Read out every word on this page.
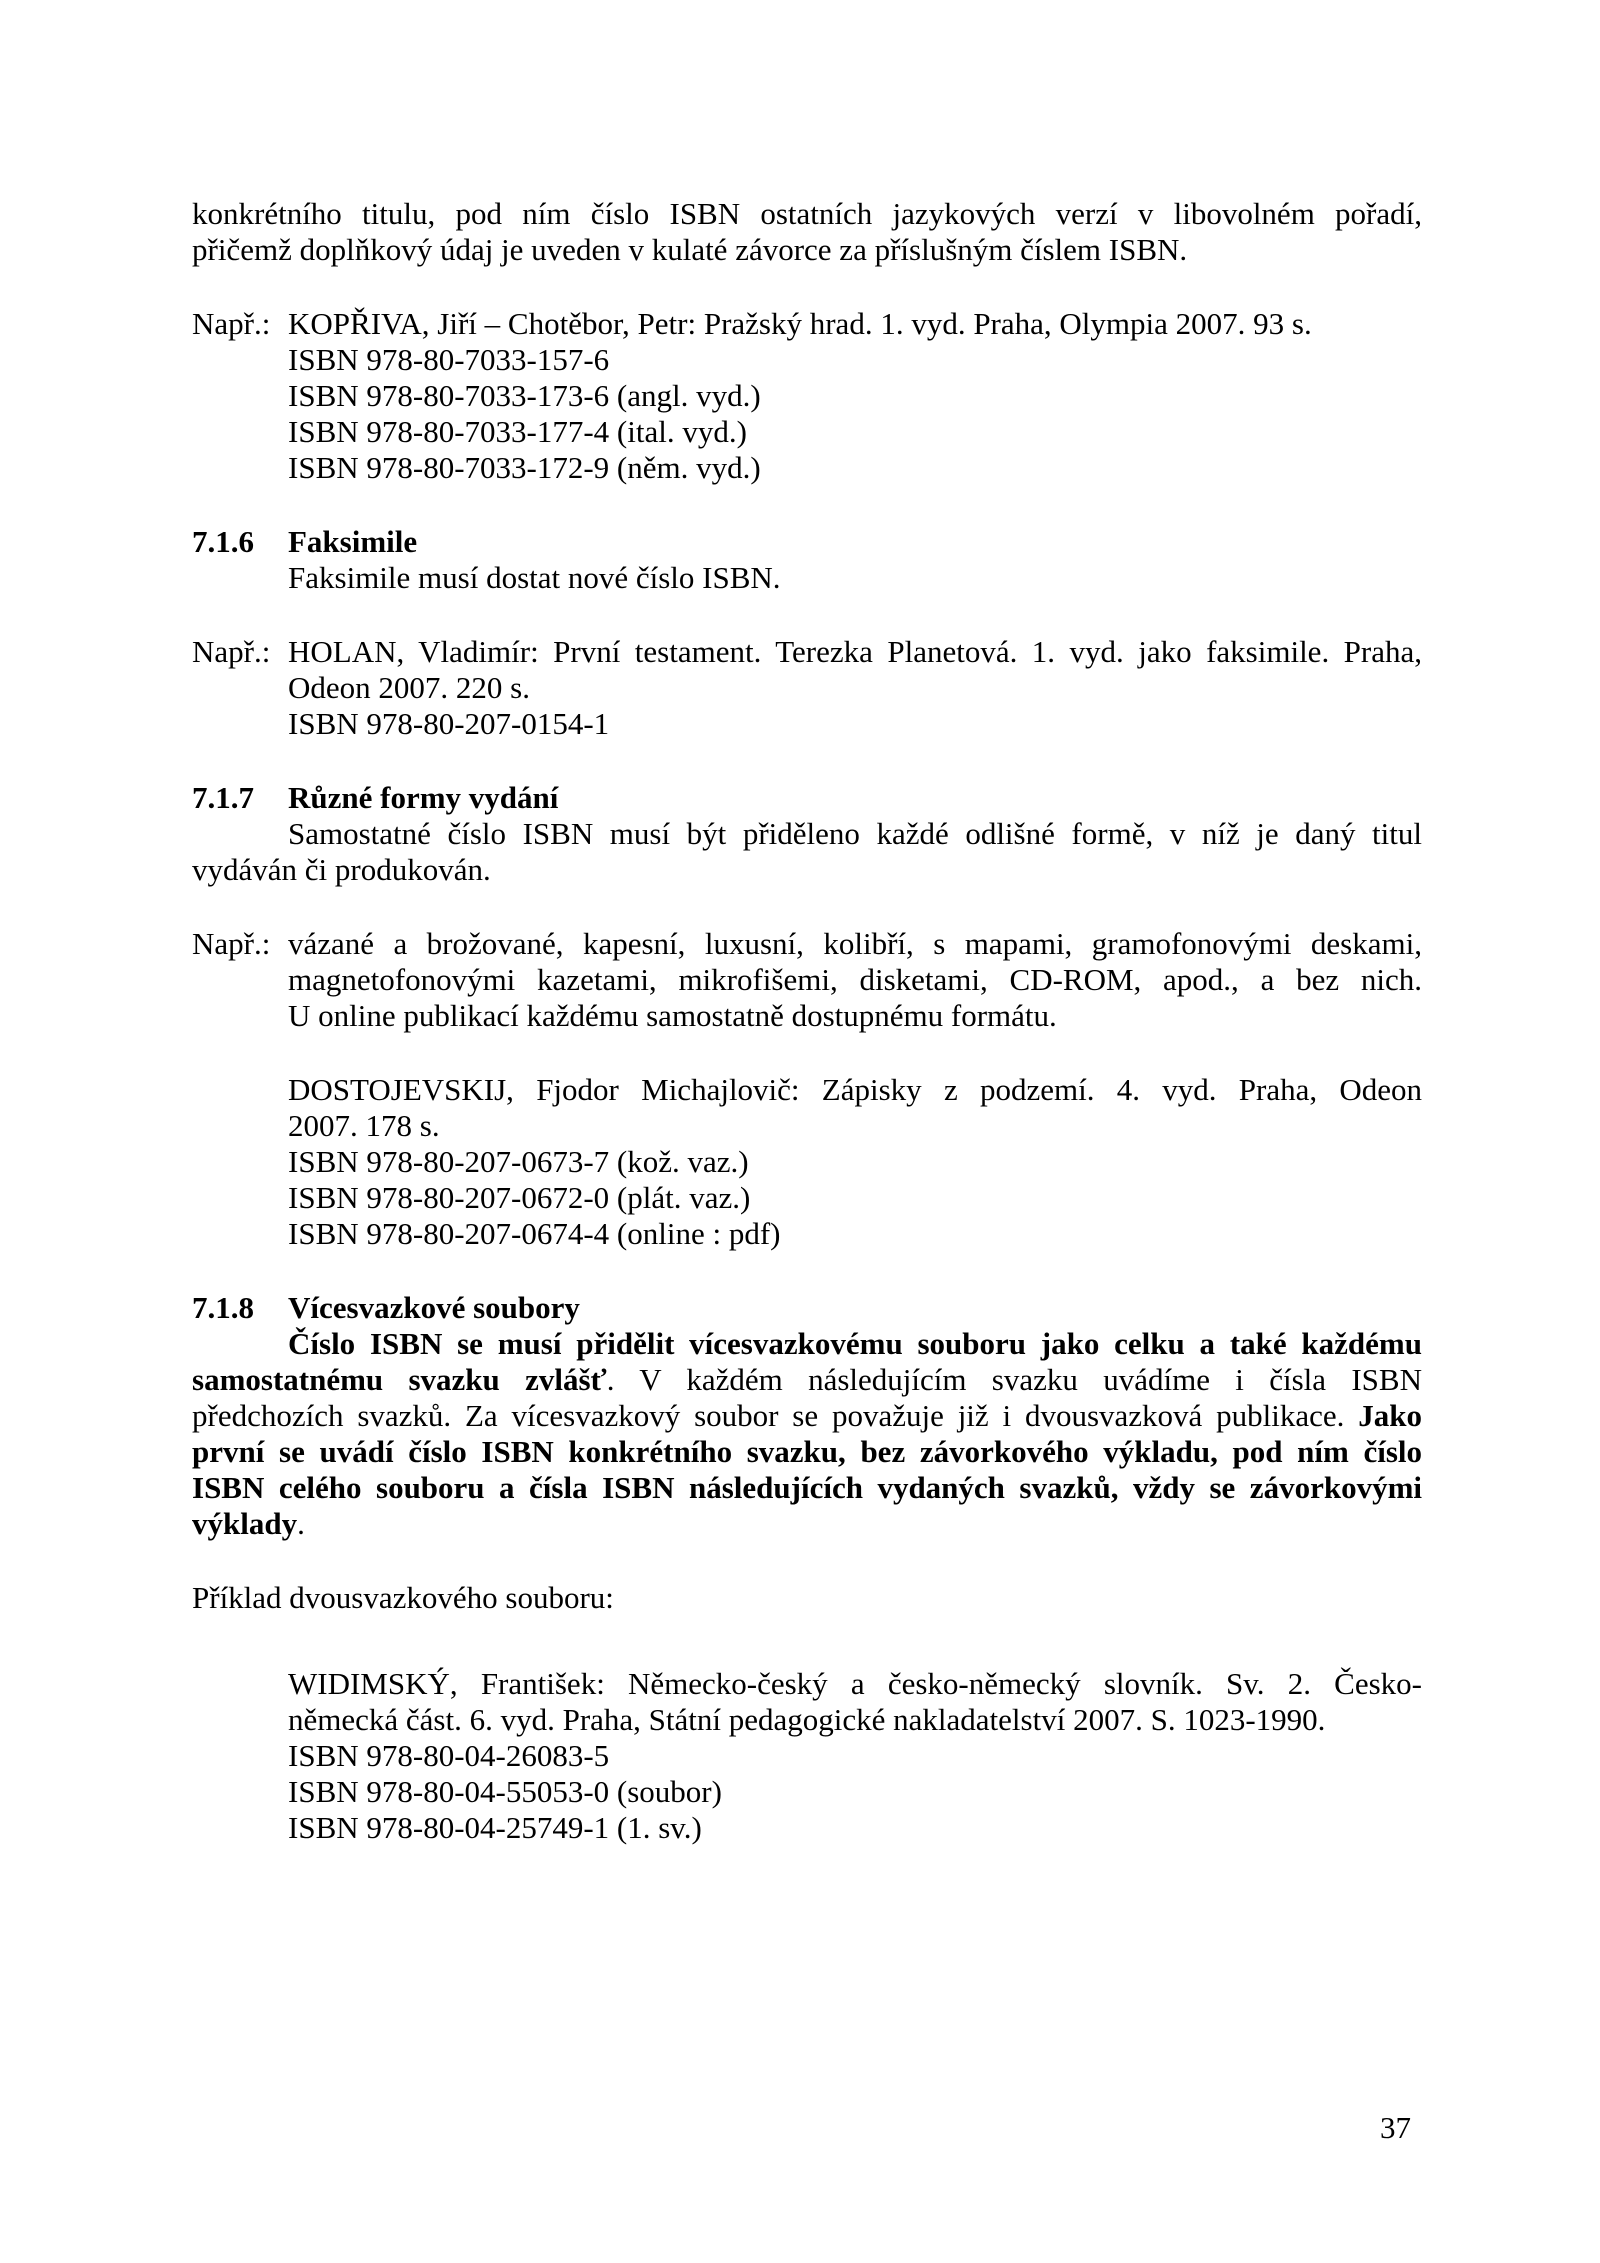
konkrétního titulu, pod ním číslo ISBN ostatních jazykových verzí v libovolném pořadí,
přičemž doplňkový údaj je uveden v kulaté závorce za příslušným číslem ISBN.
Např.: KOPŘIVA, Jiří – Chotěbor, Petr: Pražský hrad. 1. vyd. Praha, Olympia 2007. 93 s.
ISBN 978-80-7033-157-6
ISBN 978-80-7033-173-6 (angl. vyd.)
ISBN 978-80-7033-177-4 (ital. vyd.)
ISBN 978-80-7033-172-9 (něm. vyd.)
7.1.6 Faksimile
Faksimile musí dostat nové číslo ISBN.
Např.: HOLAN, Vladimír: První testament. Terezka Planetová. 1. vyd. jako faksimile. Praha,
Odeon 2007. 220 s.
ISBN 978-80-207-0154-1
7.1.7 Různé formy vydání
Samostatné číslo ISBN musí být přiděleno každé odlišné formě, v níž je daný titul
vydáván či produkován.
Např.: vázané a brožované, kapesní, luxusní, kolibří, s mapami, gramofonovými deskami,
magnetofonovými kazetami, mikrofišemi, disketami, CD-ROM, apod., a bez nich.
U online publikací každému samostatně dostupnému formátu.
DOSTOJEVSKIJ, Fjodor Michajlovič: Zápisky z podzemí. 4. vyd. Praha, Odeon
2007. 178 s.
ISBN 978-80-207-0673-7 (kož. vaz.)
ISBN 978-80-207-0672-0 (plát. vaz.)
ISBN 978-80-207-0674-4 (online : pdf)
7.1.8 Vícesvazkové soubory
Číslo ISBN se musí přidělit vícesvazkovému souboru jako celku a také každému
samostatnému svazku zvlášť. V každém následujícím svazku uvádíme i čísla ISBN
předchozích svazků. Za vícesvazkový soubor se považuje již i dvousvazková publikace. Jako
první se uvádí číslo ISBN konkrétního svazku, bez závorkového výkladu, pod ním číslo
ISBN celého souboru a čísla ISBN následujících vydaných svazků, vždy se závorkovými
výklady.
Příklad dvousvazkového souboru:
WIDIMSKÝ, František: Německo-český a česko-německý slovník. Sv. 2. Česko-
německá část. 6. vyd. Praha, Státní pedagogické nakladatelství 2007. S. 1023-1990.
ISBN 978-80-04-26083-5
ISBN 978-80-04-55053-0 (soubor)
ISBN 978-80-04-25749-1 (1. sv.)
37
